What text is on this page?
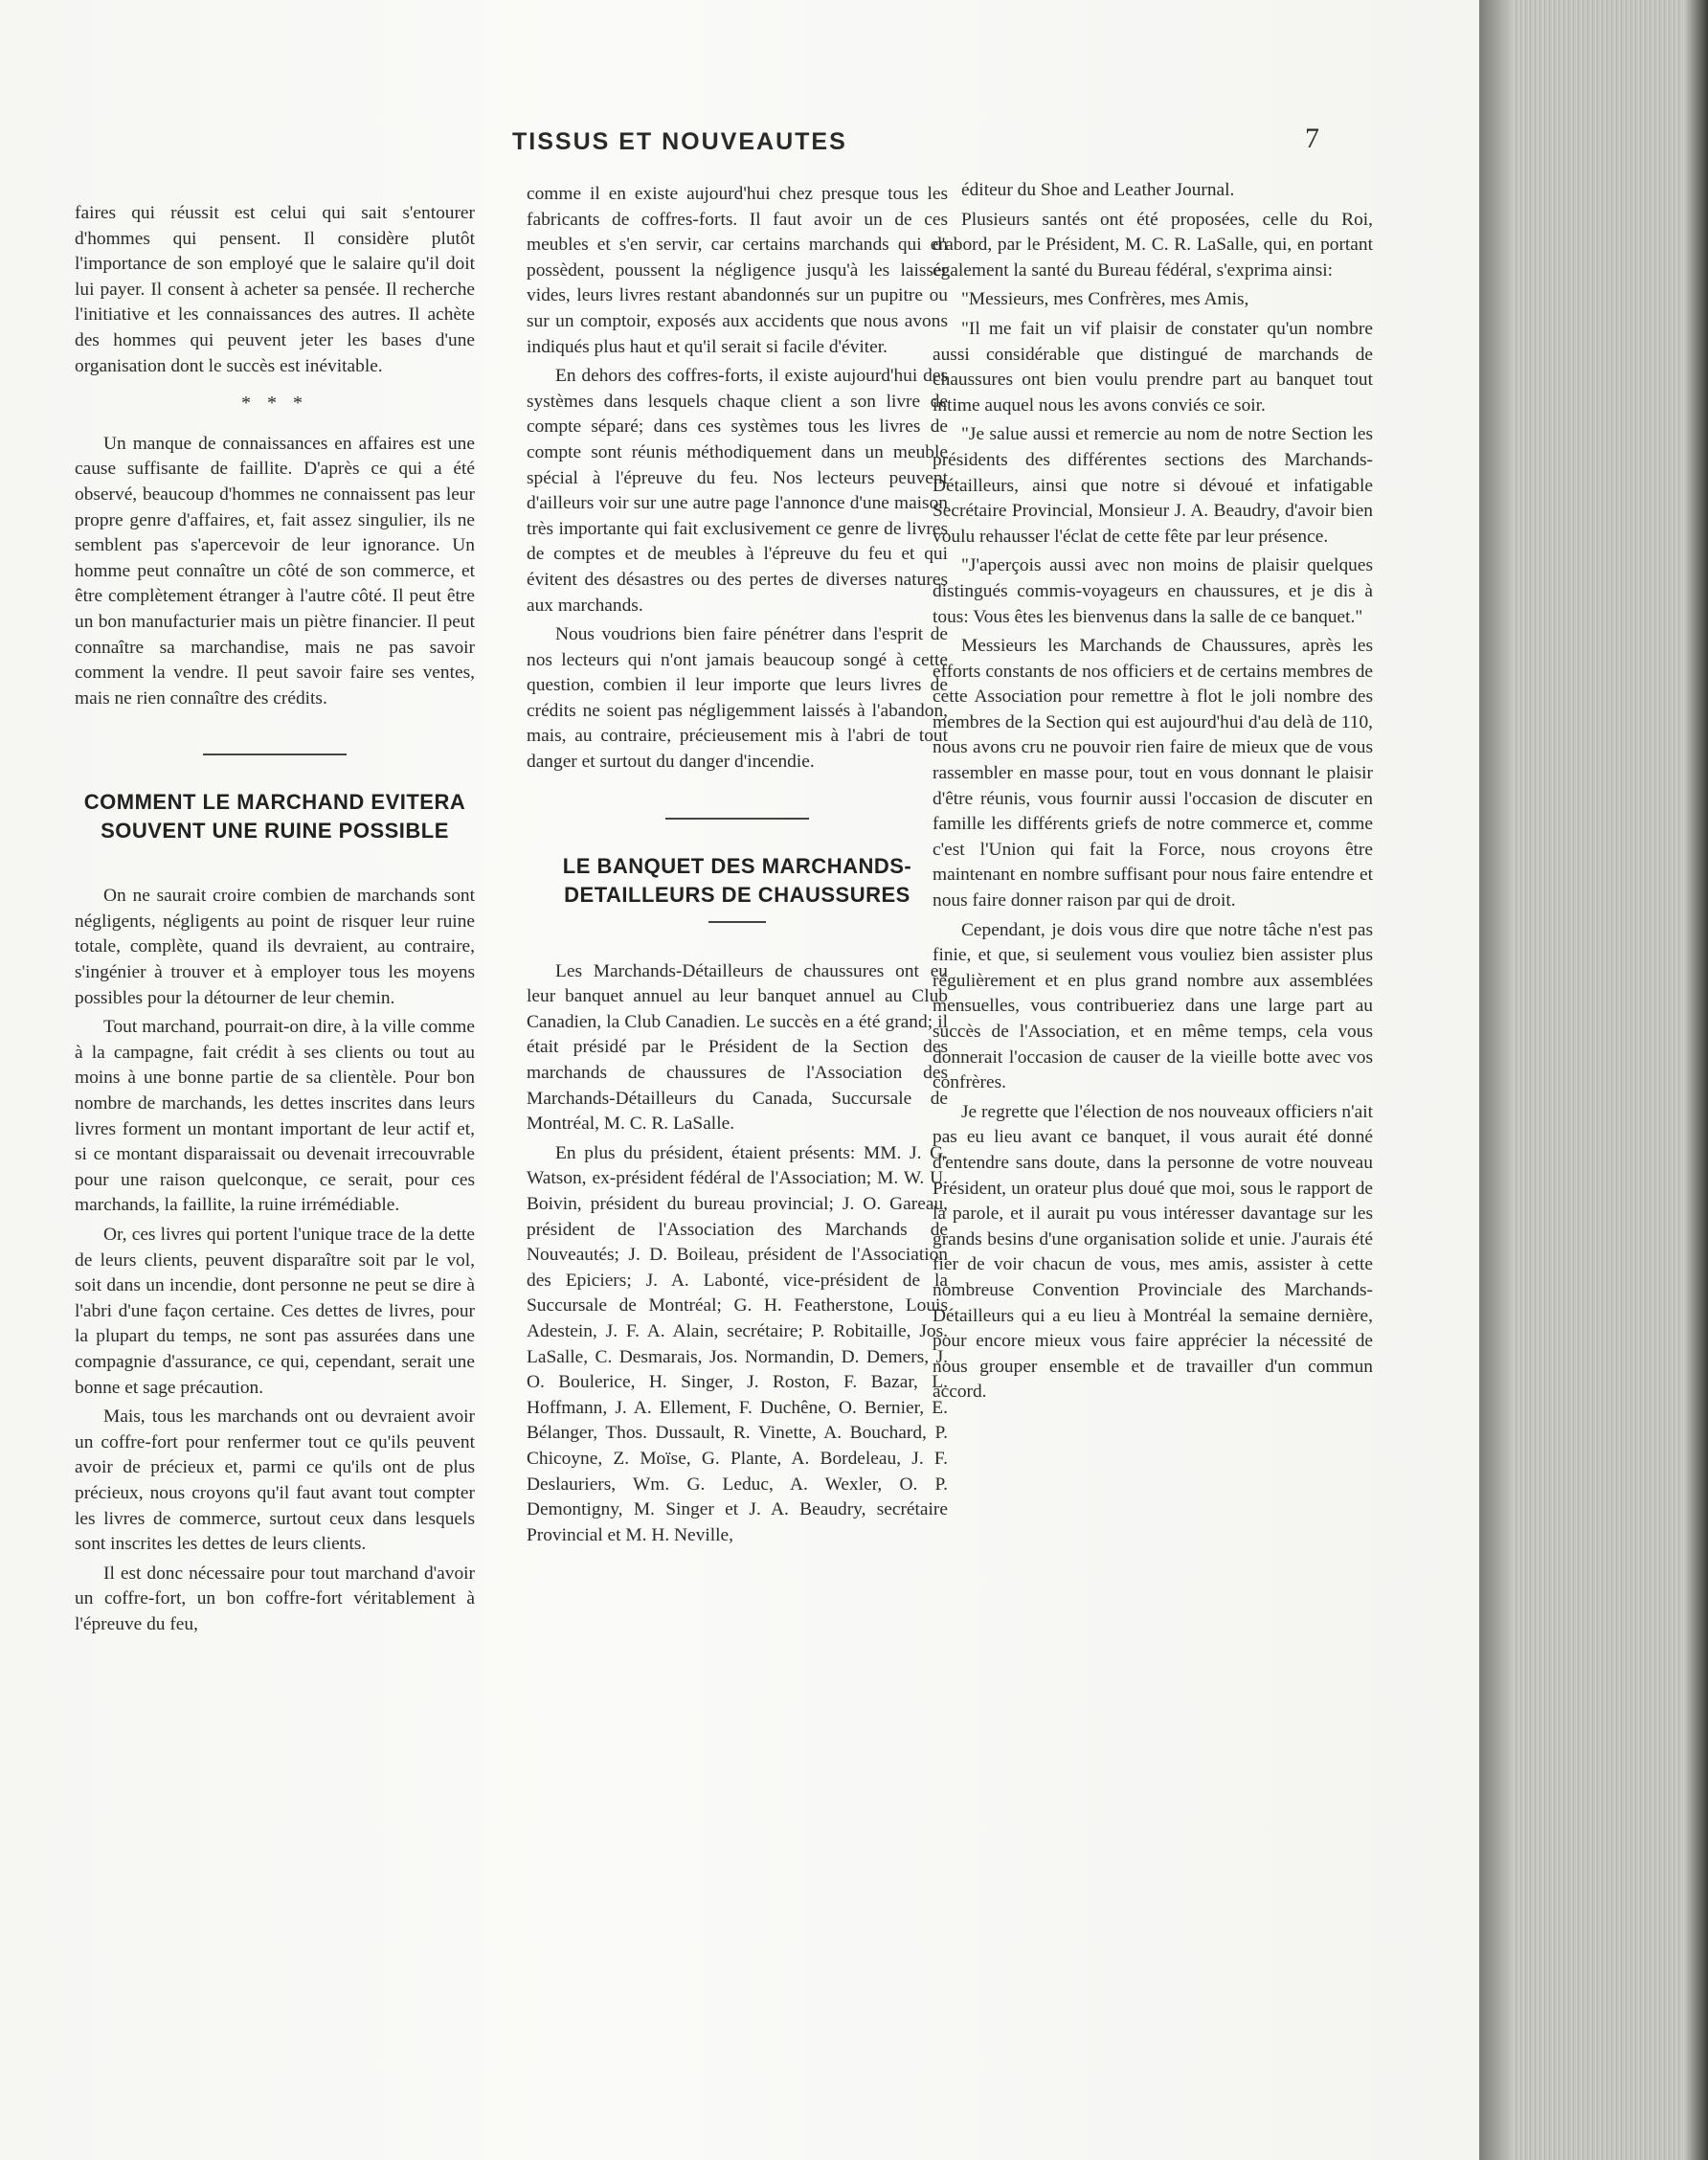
TISSUS ET NOUVEAUTES	7

faires qui réussit est celui qui sait s'entourer d'hommes qui pensent. Il considère plutôt l'importance de son employé que le salaire qu'il doit lui payer. Il consent à acheter sa pensée. Il recherche l'initiative et les connaissances des autres. Il achète des hommes qui peuvent jeter les bases d'une organisation dont le succès est inévitable.

* * *

Un manque de connaissances en affaires est une cause suffisante de faillite. D'après ce qui a été observé, beaucoup d'hommes ne connaissent pas leur propre genre d'affaires, et, fait assez singulier, ils ne semblent pas s'apercevoir de leur ignorance. Un homme peut connaître un côté de son commerce, et être complètement étranger à l'autre côté. Il peut être un bon manufacturier mais un piètre financier. Il peut connaître sa marchandise, mais ne pas savoir comment la vendre. Il peut savoir faire ses ventes, mais ne rien connaître des crédits.

COMMENT LE MARCHAND EVITERA SOUVENT UNE RUINE POSSIBLE

On ne saurait croire combien de marchands sont négligents, négligents au point de risquer leur ruine totale, complète, quand ils devraient, au contraire, s'ingénier à trouver et à employer tous les moyens possibles pour la détourner de leur chemin.

Tout marchand, pourrait-on dire, à la ville comme à la campagne, fait crédit à ses clients ou tout au moins à une bonne partie de sa clientèle. Pour bon nombre de marchands, les dettes inscrites dans leurs livres forment un montant important de leur actif et, si ce montant disparaissait ou devenait irrecouvrable pour une raison quelconque, ce serait, pour ces marchands, la faillite, la ruine irrémédiable.

Or, ces livres qui portent l'unique trace de la dette de leurs clients, peuvent disparaître soit par le vol, soit dans un incendie, dont personne ne peut se dire à l'abri d'une façon certaine. Ces dettes de livres, pour la plupart du temps, ne sont pas assurées dans une compagnie d'assurance, ce qui, cependant, serait une bonne et sage précaution.

Mais, tous les marchands ont ou devraient avoir un coffre-fort pour renfermer tout ce qu'ils peuvent avoir de précieux et, parmi ce qu'ils ont de plus précieux, nous croyons qu'il faut avant tout compter les livres de commerce, surtout ceux dans lesquels sont inscrites les dettes de leurs clients.

Il est donc nécessaire pour tout marchand d'avoir un coffre-fort, un bon coffre-fort véritablement à l'épreuve du feu,

comme il en existe aujourd'hui chez presque tous les fabricants de coffres-forts. Il faut avoir un de ces meubles et s'en servir, car certains marchands qui en possèdent, poussent la négligence jusqu'à les laisser vides, leurs livres restant abandonnés sur un pupitre ou sur un comptoir, exposés aux accidents que nous avons indiqués plus haut et qu'il serait si facile d'éviter.

En dehors des coffres-forts, il existe aujourd'hui des systèmes dans lesquels chaque client a son livre de compte séparé; dans ces systèmes tous les livres de compte sont réunis méthodiquement dans un meuble spécial à l'épreuve du feu. Nos lecteurs peuvent d'ailleurs voir sur une autre page l'annonce d'une maison très importante qui fait exclusivement ce genre de livres de comptes et de meubles à l'épreuve du feu et qui évitent des désastres ou des pertes de diverses natures aux marchands.

Nous voudrions bien faire pénétrer dans l'esprit de nos lecteurs qui n'ont jamais beaucoup songé à cette question, combien il leur importe que leurs livres de crédits ne soient pas négligemment laissés à l'abandon, mais, au contraire, précieusement mis à l'abri de tout danger et surtout du danger d'incendie.

LE BANQUET DES MARCHANDS-DETAILLEURS DE CHAUSSURES

Les Marchands-Détailleurs de chaussures ont eu leur banquet annuel au leur banquet annuel au Club Canadien, la Club Canadien. Le succès en a été grand; il était présidé par le Président de la Section des marchands de chaussures de l'Association des Marchands-Détailleurs du Canada, Succursale de Montréal, M. C. R. LaSalle.

En plus du président, étaient présents: MM. J. G. Watson, ex-président fédéral de l'Association; M. W. U. Boivin, président du bureau provincial; J. O. Gareau, président de l'Association des Marchands de Nouveautés; J. D. Boileau, président de l'Association des Epiciers; J. A. Labonté, vice-président de la Succursale de Montréal; G. H. Featherstone, Louis Adestein, J. F. A. Alain, secrétaire; P. Robitaille, Jos. LaSalle, C. Desmarais, Jos. Normandin, D. Demers, J. O. Boulerice, H. Singer, J. Roston, F. Bazar, L. Hoffmann, J. A. Ellement, F. Duchêne, O. Bernier, E. Bélanger, Thos. Dussault, R. Vinette, A. Bouchard, P. Chicoyne, Z. Moïse, G. Plante, A. Bordeleau, J. F. Deslauriers, Wm. G. Leduc, A. Wexler, O. P. Demontigny, M. Singer et J. A. Beaudry, secrétaire Provincial et M. H. Neville,

éditeur du Shoe and Leather Journal.

Plusieurs santés ont été proposées, celle du Roi, d'abord, par le Président, M. C. R. LaSalle, qui, en portant également la santé du Bureau fédéral, s'exprima ainsi:

"Messieurs, mes Confrères, mes Amis,

"Il me fait un vif plaisir de constater qu'un nombre aussi considérable que distingué de marchands de chaussures ont bien voulu prendre part au banquet tout intime auquel nous les avons conviés ce soir.

"Je salue aussi et remercie au nom de notre Section les présidents des différentes sections des Marchands-Détailleurs, ainsi que notre si dévoué et infatigable Secrétaire Provincial, Monsieur J. A. Beaudry, d'avoir bien voulu rehausser l'éclat de cette fête par leur présence.

"J'aperçois aussi avec non moins de plaisir quelques distingués commis-voyageurs en chaussures, et je dis à tous: Vous êtes les bienvenus dans la salle de ce banquet."

Messieurs les Marchands de Chaussures, après les efforts constants de nos officiers et de certains membres de cette Association pour remettre à flot le joli nombre des membres de la Section qui est aujourd'hui d'au delà de 110, nous avons cru ne pouvoir rien faire de mieux que de vous rassembler en masse pour, tout en vous donnant le plaisir d'être réunis, vous fournir aussi l'occasion de discuter en famille les différents griefs de notre commerce et, comme c'est l'Union qui fait la Force, nous croyons être maintenant en nombre suffisant pour nous faire entendre et nous faire donner raison par qui de droit.

Cependant, je dois vous dire que notre tâche n'est pas finie, et que, si seulement vous vouliez bien assister plus régulièrement et en plus grand nombre aux assemblées mensuelles, vous contribueriez dans une large part au succès de l'Association, et en même temps, cela vous donnerait l'occasion de causer de la vieille botte avec vos confrères.

Je regrette que l'élection de nos nouveaux officiers n'ait pas eu lieu avant ce banquet, il vous aurait été donné d'entendre sans doute, dans la personne de votre nouveau Président, un orateur plus doué que moi, sous le rapport de la parole, et il aurait pu vous intéresser davantage sur les grands besins d'une organisation solide et unie. J'aurais été fier de voir chacun de vous, mes amis, assister à cette nombreuse Convention Provinciale des Marchands-Détailleurs qui a eu lieu à Montréal la semaine dernière, pour encore mieux vous faire apprécier la nécessité de nous grouper ensemble et de travailler d'un commun accord.
